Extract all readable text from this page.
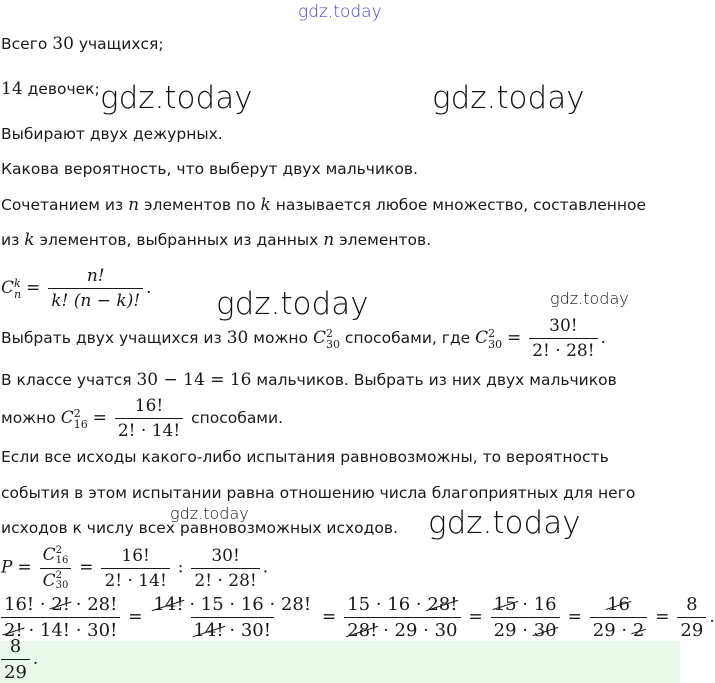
gdz.today
gdz.today	gdz.today
gdz.today	gdz.today
gdz.today
gdz.today
Всего 30 учащихся;
14 девочек;
Выбирают двух дежурных.
Какова вероятность, что выберут двух мальчиков.
Сочетанием из n элементов по k называется любое множество, составленное
из k элементов, выбранных из данных n элементов.
C k
$n = \frac{n!}{k! (n - k)!}$ .
Выбрать двух учащихся из 30 можно C 2
30 способами, где C 2
$30 = \frac{30!}{2! \cdot 28!}$ .
В классе учатся 30 − 14 = 16 мальчиков. Выбрать из них двух мальчиков
можно C 2
$16 = \frac{16!}{2! \cdot 14!}$ способами.
Если все исходы какого-либо испытания равновозможны, то вероятность
события в этом испытании равна отношению числа благоприятных для него
исходов к числу всех равновозможных исходов.
P = C 2
16
C 2
$30 = \frac{16!}{2! \cdot 14!}$ : $\frac{30!}{2! \cdot 28!}$ .
$\frac{16! \cdot 2! \cdot 28!}{2! \cdot 14! \cdot 30!} = \frac{14! \cdot 15 \cdot 16 \cdot 28!}{14! \cdot 30!} = \frac{15 \cdot 16 \cdot 28!}{28! \cdot 29 \cdot 30} = \frac{15 \cdot 16}{29 \cdot 30} = \frac{16}{29 \cdot 2} = \frac{8}{29}$ .
$\frac{8}{29}$ .
